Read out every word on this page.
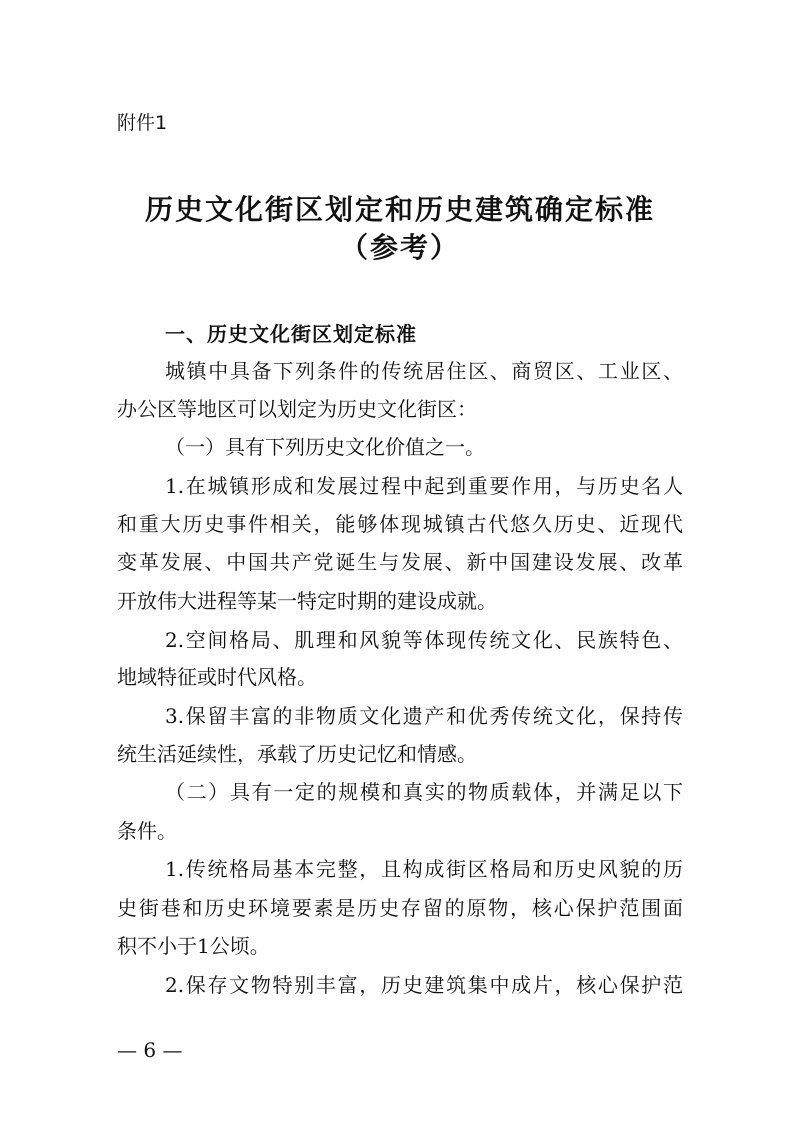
附件1
历史文化街区划定和历史建筑确定标准
（参考）
一、历史文化街区划定标准
城镇中具备下列条件的传统居住区、商贸区、工业区、
办公区等地区可以划定为历史文化街区：
（一）具有下列历史文化价值之一。
1.在城镇形成和发展过程中起到重要作用，与历史名人
和重大历史事件相关，能够体现城镇古代悠久历史、近现代
变革发展、中国共产党诞生与发展、新中国建设发展、改革
开放伟大进程等某一特定时期的建设成就。
2.空间格局、肌理和风貌等体现传统文化、民族特色、
地域特征或时代风格。
3.保留丰富的非物质文化遗产和优秀传统文化，保持传
统生活延续性，承载了历史记忆和情感。
（二）具有一定的规模和真实的物质载体，并满足以下
条件。
1.传统格局基本完整，且构成街区格局和历史风貌的历
史街巷和历史环境要素是历史存留的原物，核心保护范围面
积不小于1公顷。
2.保存文物特别丰富，历史建筑集中成片，核心保护范
— 6 —
